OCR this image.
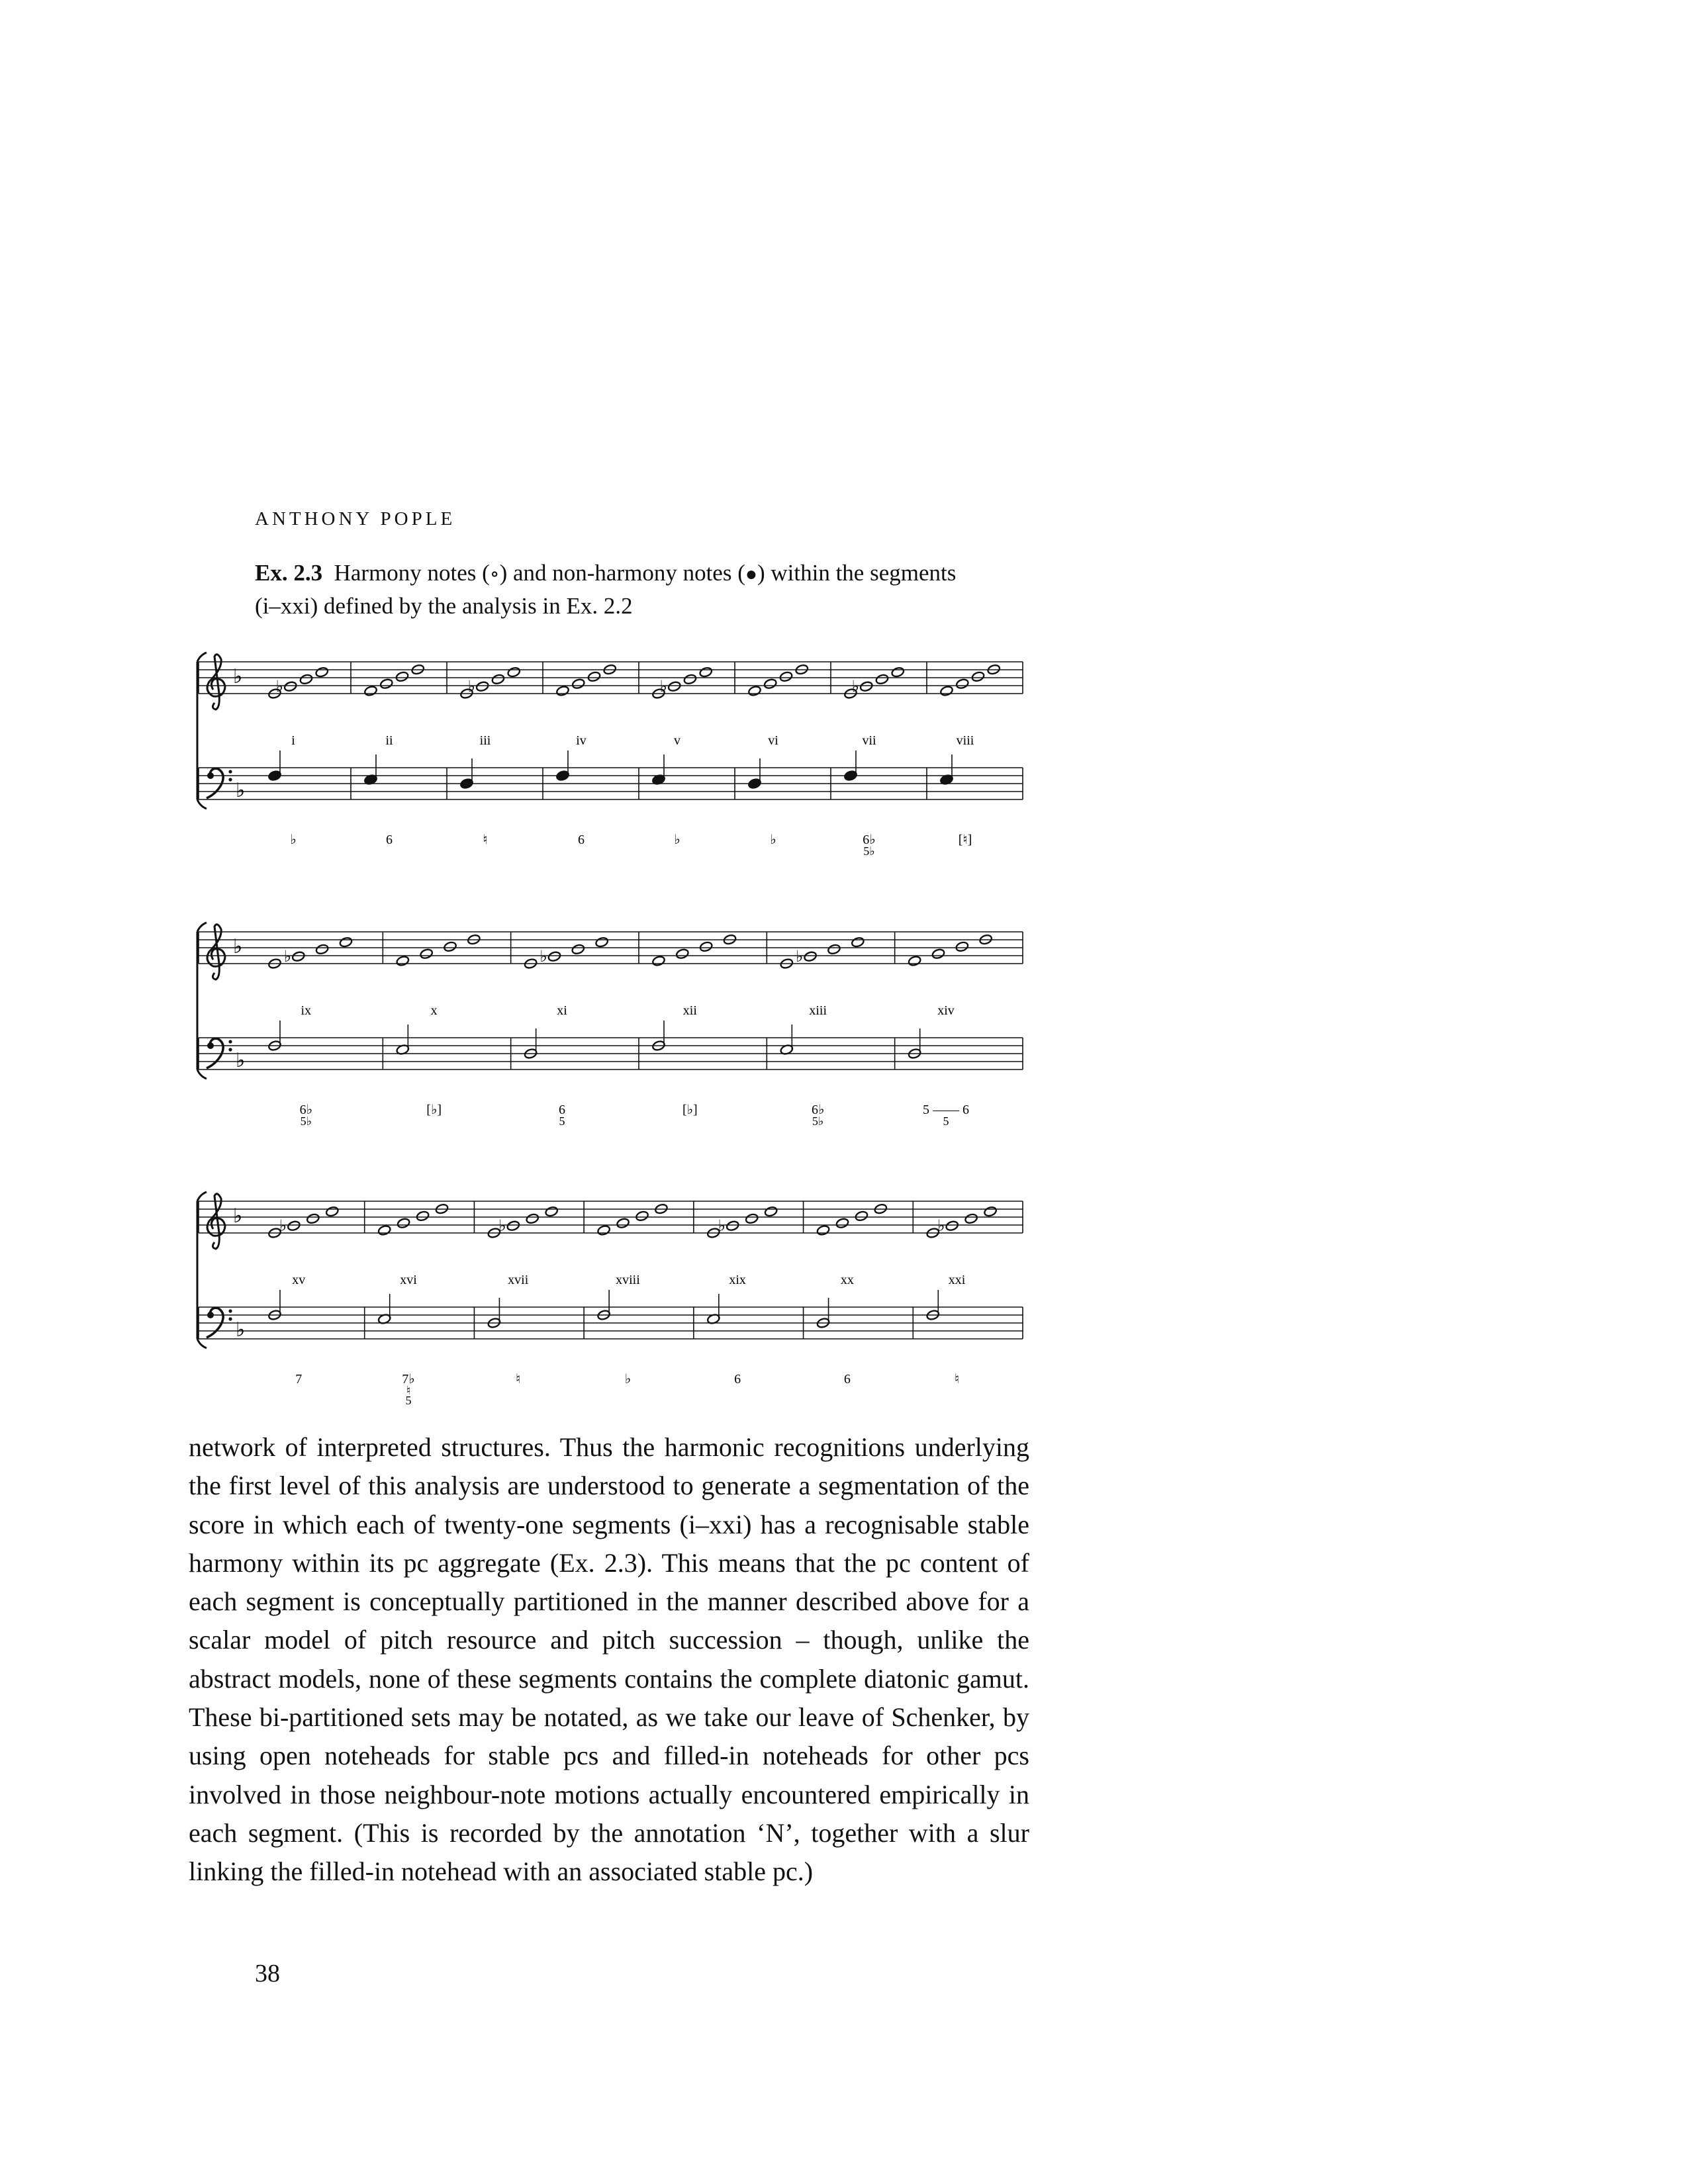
ANTHONY POPLE
Ex. 2.3 Harmony notes (∘) and non-harmony notes (●) within the segments
(i–xxi) defined by the analysis in Ex. 2.2
♭
♭
i
♭
♭
ii
6
iii
♮
♭
iv
6
v
♭
♭
vi
♭
vii
6♭
5♭
♭
viii
[♮]
♭
♭
ix
6♭
5♭
♭
x
[♭]
xi
6
5
♭
xii
[♭]
xiii
6♭
5♭
♭
xiv
5 —— 6
5
♭
♭
xv
7
♭
xvi
7♭
♮
5
xvii
♮
♭
xviii
♭
xix
6
♭
xx
6
xxi
♮
♭

network of interpreted structures. Thus the harmonic recognitions underlying the first level of this analysis are understood to generate a segmentation of the score in which each of twenty-one segments (i–xxi) has a recognisable stable harmony within its pc aggregate (Ex. 2.3). This means that the pc content of each segment is conceptually partitioned in the manner described above for a scalar model of pitch resource and pitch succession – though, unlike the abstract models, none of these segments contains the complete diatonic gamut. These bi-partitioned sets may be notated, as we take our leave of Schenker, by using open noteheads for stable pcs and filled-in noteheads for other pcs involved in those neighbour-note motions actually encountered empirically in each segment. (This is recorded by the annotation ‘N’, together with a slur linking the filled-in notehead with an associated stable pc.)

38
